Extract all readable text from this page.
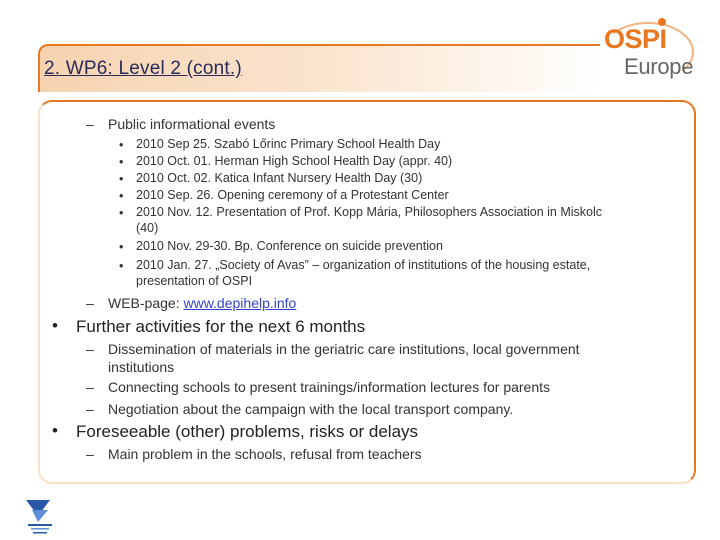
2. WP6: Level 2 (cont.)
OSPI
Europe
– Public informational events
• 2010 Sep 25. Szabó Lőrinc Primary School Health Day
• 2010 Oct. 01. Herman High School Health Day (appr. 40)
• 2010 Oct. 02. Katica Infant Nursery Health Day (30)
• 2010 Sep. 26. Opening ceremony of a Protestant Center
• 2010 Nov. 12. Presentation of Prof. Kopp Mária, Philosophers Association in Miskolc
(40)
• 2010 Nov. 29-30. Bp. Conference on suicide prevention
• 2010 Jan. 27. „Society of Avas” – organization of institutions of the housing estate,
presentation of OSPI
– WEB-page: www.depihelp.info
• Further activities for the next 6 months
– Dissemination of materials in the geriatric care institutions, local government
institutions
– Connecting schools to present trainings/information lectures for parents
– Negotiation about the campaign with the local transport company.
• Foreseeable (other) problems, risks or delays
– Main problem in the schools, refusal from teachers
